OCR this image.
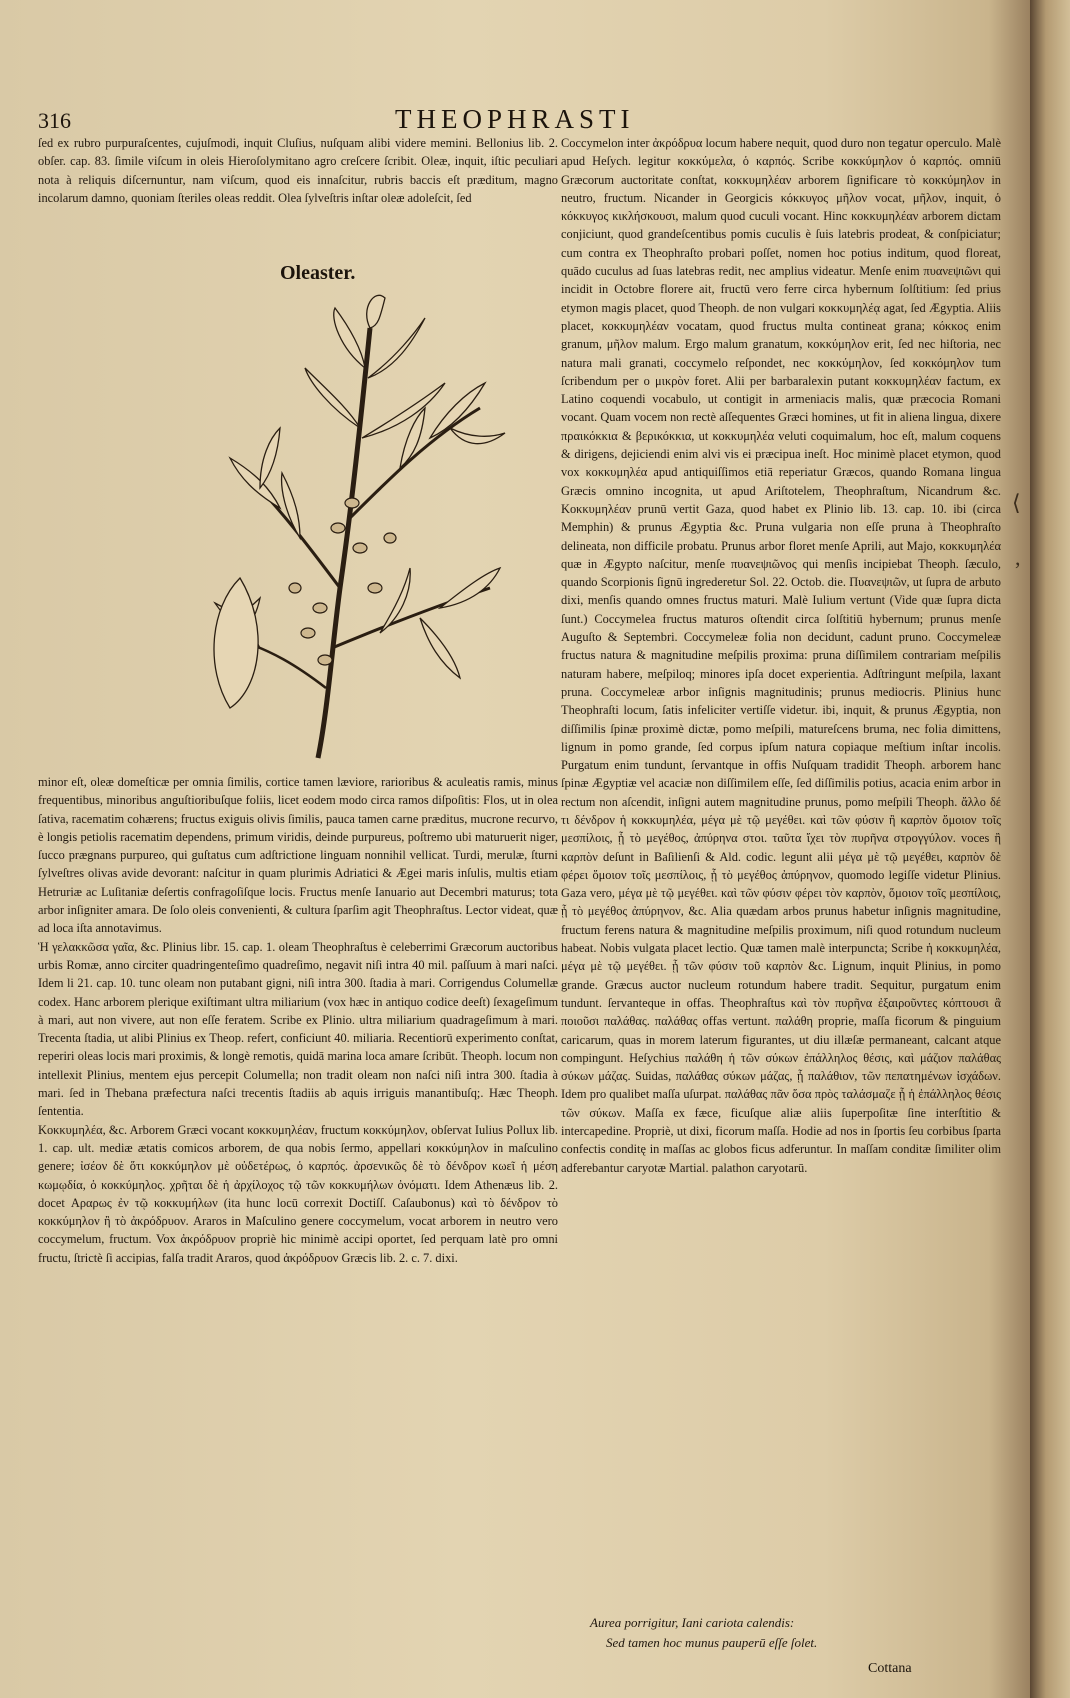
316	THEOPHRASTI
ſed ex rubro purpuraſcentes, cujuſmodi, inquit Cluſius, nuſquam alibi videre memini. Bellonius lib. 2. obſer. cap. 83. ſimile viſcum in oleis Hieroſolymitano agro creſcere ſcribit. Oleæ, inquit, iſtic peculiari nota à reliquis diſcernuntur, nam viſcum, quod eis innaſcitur, rubris baccis eſt præditum, magno incolarum damno, quoniam ſteriles oleas reddit. Olea ſylveſtris inſtar oleæ adoleſcit, ſed
Oleaster.
minor eſt, oleæ domeſticæ per omnia ſimilis, cortice tamen læviore, rarioribus & aculeatis ramis, minus frequentibus, minoribus anguſtioribuſque foliis, licet eodem modo circa ramos diſpoſitis: Flos, ut in olea ſativa, racematim cohærens; fructus exiguis olivis ſimilis, pauca tamen carne præditus, mucrone recurvo, è longis petiolis racematim dependens, primum viridis, deinde purpureus, poſtremo ubi maturuerit niger, ſucco prægnans purpureo, qui guſtatus cum adſtrictione linguam nonnihil vellicat. Turdi, merulæ, ſturni ſylveſtres olivas avide devorant: naſcitur in quam plurimis Adriatici & Ægei maris inſulis, multis etiam Hetruriæ ac Luſitaniæ deſertis confragoſiſque locis. Fructus menſe Ianuario aut Decembri maturus; tota arbor inſigniter amara. De ſolo oleis convenienti, & cultura ſparſim agit Theophraſtus. Lector videat, quæ ad loca iſta annotavimus.
Ἡ γελακκῶσα γαῖα, &c. Plinius libr. 15. cap. 1. oleam Theophraſtus è celeberrimi Græcorum auctoribus urbis Romæ, anno circiter quadringenteſimo quadreſimo, negavit niſi intra 40 mil. paſſuum à mari naſci. Idem li 21. cap. 10. tunc oleam non putabant gigni, niſi intra 300. ſtadia à mari. Corrigendus Columellæ codex. Hanc arborem plerique exiſtimant ultra miliarium (vox hæc in antiquo codice deeſt) ſexageſimum à mari, aut non vivere, aut non eſſe feratem. Scribe ex Plinio. ultra miliarium quadrageſimum à mari. Trecenta ſtadia, ut alibi Plinius ex Theop. refert, conficiunt 40. miliaria. Recentiorū experimento conſtat, reperiri oleas locis mari proximis, & longè remotis, quidā marina loca amare ſcribūt. Theoph. locum non intellexit Plinius, mentem ejus percepit Columella; non tradit oleam non naſci niſi intra 300. ſtadia à mari. ſed in Thebana præfectura naſci trecentis ſtadiis ab aquis irriguis manantibuſq;. Hæc Theoph. ſententia.
Κοκκυμηλέα, &c. Arborem Græci vocant κοκκυμηλέαν, fructum κοκκύμηλον, obſervat Iulius Pollux lib. 1. cap. ult. mediæ ætatis comicos arborem, de qua nobis ſermo, appellari κοκκύμηλον in maſculino genere; ἰσέον δὲ ὅτι κοκκύμηλον μὲ οὐδετέρως, ὁ καρπός. ἀρσενικῶς δὲ τὸ δένδρον κωεῖ ἡ μέση κωμῳδία, ὁ κοκκύμηλος. χρῆται δὲ ἡ ἀρχίλοχος τῷ τῶν κοκκυμήλων ὀνόματι. Idem Athenæus lib. 2. docet Αραρως ἐν τῷ κοκκυμήλων (ita hunc locū correxit Doctiſſ. Caſaubonus) καὶ τὸ δένδρον τὸ κοκκύμηλον ἢ τὸ ἀκρόδρυον. Araros in Maſculino genere coccymelum, vocat arborem in neutro vero coccymelum, fructum. Vox ἀκρόδρυον propriè hic minimè accipi oportet, ſed perquam latè pro omni fructu, ſtrictè ſi accipias, falſa tradit Araros, quod ἀκρόδρυον Græcis lib. 2. c. 7. dixi.
Coccymelon inter ἀκρόδρυα locum habere nequit, quod duro non tegatur operculo. Malè apud Heſych. legitur κοκκύμελα, ὁ καρπός. Scribe κοκκύμηλον ὁ καρπός. omniū Græcorum auctoritate conſtat, κοκκυμηλέαν arborem ſignificare τὸ κοκκύμηλον in neutro, fructum. Nicander in Georgicis κόκκυγος μῆλον vocat, μῆλον, inquit, ὁ κόκκυγος κικλήσκουσι, malum quod cuculi vocant. Hinc κοκκυμηλέαν arborem dictam conjiciunt, quod grandeſcentibus pomis cuculis è ſuis latebris prodeat, & conſpiciatur; cum contra ex Theophraſto probari poſſet, nomen hoc potius inditum, quod floreat, quādo cuculus ad ſuas latebras redit, nec amplius videatur. Menſe enim πυανεψιῶνι qui incidit in Octobre florere ait, fructū vero ferre circa hybernum ſolſtitium: ſed prius etymon magis placet, quod Theoph. de non vulgari κοκκυμηλέᾳ agat, ſed Ægyptia. Aliis placet, κοκκυμηλέαν vocatam, quod fructus multa contineat grana; κόκκος enim granum, μῆλον malum. Ergo malum granatum, κοκκύμηλον erit, ſed nec hiſtoria, nec natura mali granati, coccymelo reſpondet, nec κοκκύμηλον, ſed κοκκόμηλον tum ſcribendum per ο μικρὸν foret. Alii per barbaralexin putant κοκκυμηλέαν factum, ex Latino coquendi vocabulo, ut contigit in armeniacis malis, quæ præcocia Romani vocant. Quam vocem non rectè aſſequentes Græci homines, ut fit in aliena lingua, dixere πραικόκκια & βερικόκκια, ut κοκκυμηλέα veluti coquimalum, hoc eſt, malum coquens & dirigens, dejiciendi enim alvi vis ei præcipua ineſt. Hoc minimè placet etymon, quod vox κοκκυμηλέα apud antiquiſſimos etiā reperiatur Græcos, quando Romana lingua Græcis omnino incognita, ut apud Ariſtotelem, Theophraſtum, Nicandrum &c. Κοκκυμηλέαν prunū vertit Gaza, quod habet ex Plinio lib. 13. cap. 10. ibi (circa Memphin) & prunus Ægyptia &c. Pruna vulgaria non eſſe pruna à Theophraſto delineata, non difficile probatu. Prunus arbor floret menſe Aprili, aut Majo, κοκκυμηλέα quæ in Ægypto naſcitur, menſe πυανεψιῶνος qui menſis incipiebat Theoph. ſæculo, quando Scorpionis ſignū ingrederetur Sol. 22. Octob. die. Πυανεψιῶν, ut ſupra de arbuto dixi, menſis quando omnes fructus maturi. Malè Iulium vertunt (Vide quæ ſupra dicta ſunt.) Coccymelea fructus maturos oſtendit circa ſolſtitiū hybernum; prunus menſe Auguſto & Septembri. Coccymeleæ folia non decidunt, cadunt pruno. Coccymeleæ fructus natura & magnitudine meſpilis proxima: pruna diſſimilem contrariam meſpilis naturam habere, meſpiloq; minores ipſa docet experientia. Adſtringunt meſpila, laxant pruna. Coccymeleæ arbor inſignis magnitudinis; prunus mediocris. Plinius hunc Theophraſti locum, ſatis infeliciter vertiſſe videtur. ibi, inquit, & prunus Ægyptia, non diſſimilis ſpinæ proximè dictæ, pomo meſpili, matureſcens bruma, nec folia dimittens, lignum in pomo grande, ſed corpus ipſum natura copiaque meſtium inſtar incolis. Purgatum enim tundunt, ſervantque in offis Nuſquam tradidit Theoph. arborem hanc ſpinæ Ægyptiæ vel acaciæ non diſſimilem eſſe, ſed diſſimilis potius, acacia enim arbor in rectum non aſcendit, inſigni autem magnitudine prunus, pomo meſpili Theoph. ἄλλο δέ τι δένδρον ἡ κοκκυμηλέα, μέγα μὲ τῷ μεγέθει. καὶ τῶν φύσιν ἢ καρπὸν ὅμοιον τοῖς μεσπίλοις, ᾗ τὸ μεγέθος, ἀπύρηνα στοι. ταῦτα ἴχει τὸν πυρῆνα στρογγύλον. voces ἢ καρπὸν deſunt in Baſilienſi & Ald. codic. legunt alii μέγα μὲ τῷ μεγέθει, καρπὸν δὲ φέρει ὅμοιον τοῖς μεσπίλοις, ᾗ τὸ μεγέθος ἀπύρηνον, quomodo legiſſe videtur Plinius. Gaza vero, μέγα μὲ τῷ μεγέθει. καὶ τῶν φύσιν φέρει τὸν καρπὸν, ὅμοιον τοῖς μεσπίλοις, ᾗ τὸ μεγέθος ἀπύρηνον, &c. Alia quædam arbos prunus habetur inſignis magnitudine, fructum ferens natura & magnitudine meſpilis proximum, niſi quod rotundum nucleum habeat. Nobis vulgata placet lectio. Quæ tamen malè interpuncta; Scribe ἡ κοκκυμηλέα, μέγα μὲ τῷ μεγέθει. ᾗ τῶν φύσιν τοῦ καρπὸν &c. Lignum, inquit Plinius, in pomo grande. Græcus auctor nucleum rotundum habere tradit. Sequitur, purgatum enim tundunt. ſervanteque in offas. Theophraſtus καὶ τὸν πυρῆνα ἐξαιροῦντες κόπτουσι ἃ ποιοῦσι παλάθας. παλάθας offas vertunt. παλάθη proprie, maſſa ficorum & pinguium caricarum, quas in morem laterum figurantes, ut diu illæſæ permaneant, calcant atque compingunt. Heſychius παλάθη ἡ τῶν σύκων ἐπάλληλος θέσις, καὶ μάζιον παλάθας σύκων μάζας. Suidas, παλάθας σύκων μάζας, ᾗ παλάθιον, τῶν πεπατημένων ἰσχάδων. Idem pro qualibet maſſa uſurpat. παλάθας πᾶν ὅσα πρὸς ταλάσμαζε ᾗ ἡ ἐπάλληλος θέσις τῶν σύκων. Maſſa ex fæce, ficuſque aliæ aliis ſuperpoſitæ ſine interſtitio & intercapedine. Propriè, ut dixi, ficorum maſſa. Hodie ad nos in ſportis ſeu corbibus ſparta confectis conditę in maſſas ac globos ficus adferuntur. In maſſam conditæ ſimiliter olim adferebantur caryotæ Martial. palathon caryotarū.
Aurea porrigitur, Iani cariota calendis:
Sed tamen hoc munus pauperū eſſe ſolet.
Cottana
⟨
,
